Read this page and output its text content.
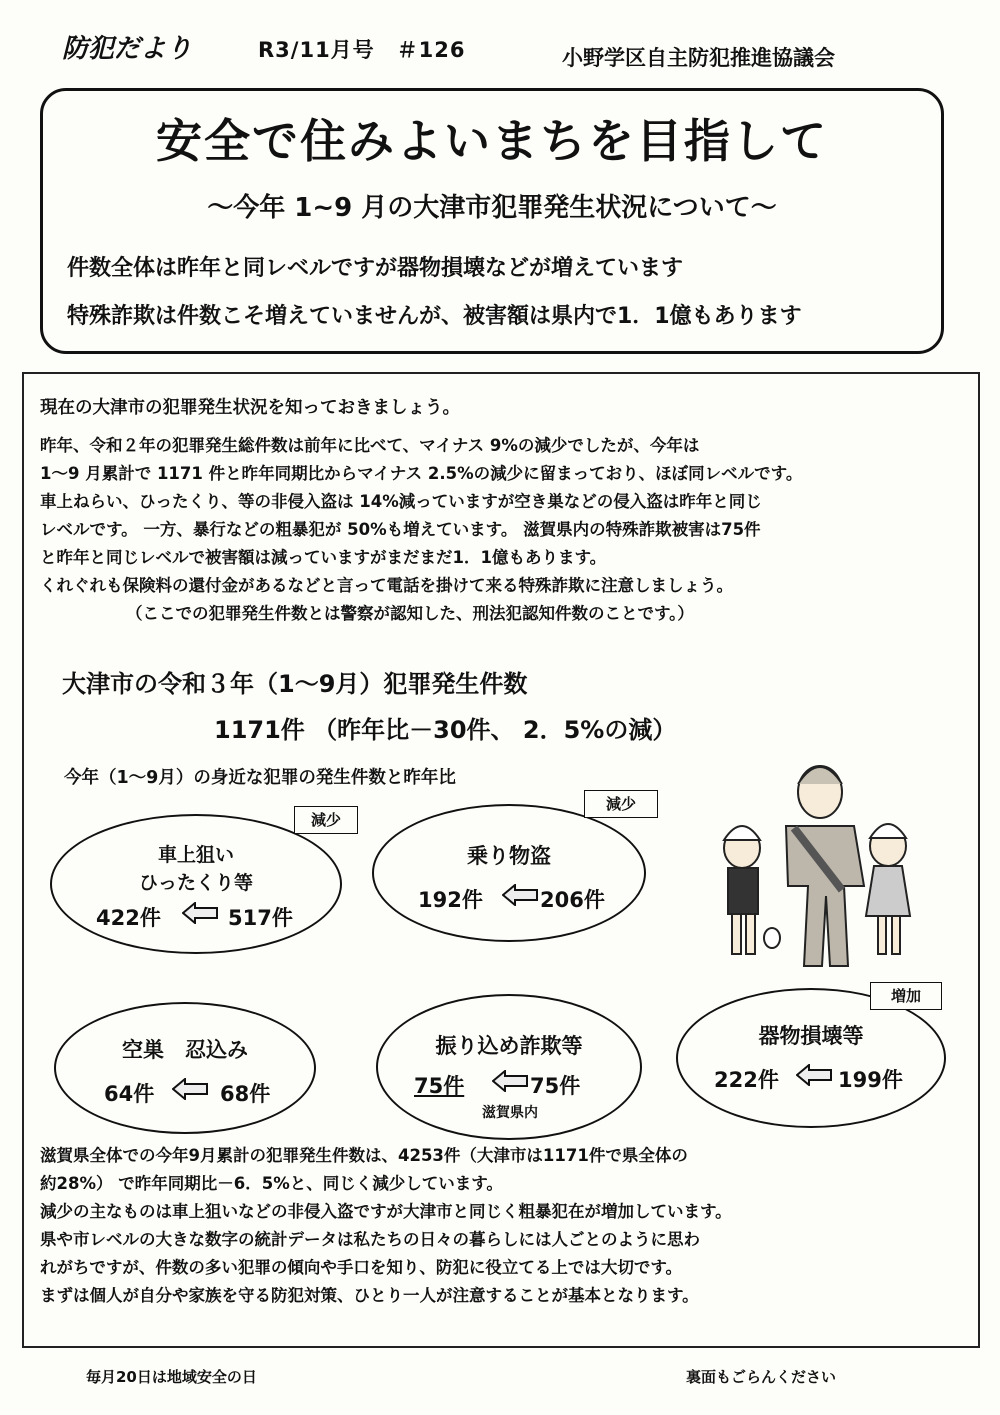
防犯だより	R3/11月号　＃126	小野学区自主防犯推進協議会
安全で住みよいまちを目指して
～今年 1~9 月の大津市犯罪発生状況について～
件数全体は昨年と同レベルですが器物損壊などが増えています
特殊詐欺は件数こそ増えていませんが、被害額は県内で1．1億もあります
現在の大津市の犯罪発生状況を知っておきましょう。
昨年、令和２年の犯罪発生総件数は前年に比べて、マイナス 9%の減少でしたが、今年は
1～9 月累計で 1171 件と昨年同期比からマイナス 2.5%の減少に留まっており、ほぼ同レベルです。
車上ねらい、ひったくり、等の非侵入盗は 14%減っていますが空き巣などの侵入盗は昨年と同じ
レベルです。 一方、暴行などの粗暴犯が 50%も増えています。 滋賀県内の特殊詐欺被害は75件
と昨年と同じレベルで被害額は減っていますがまだまだ1．1億もあります。
くれぐれも保険料の還付金があるなどと言って電話を掛けて来る特殊詐欺に注意しましょう。
（ここでの犯罪発生件数とは警察が認知した、刑法犯認知件数のことです。）
大津市の令和３年（1～9月）犯罪発生件数
1171件 （昨年比－30件、 2．5%の減）
今年（1～9月）の身近な犯罪の発生件数と昨年比
車上狙い
ひったくり等
422件	517件
減少
乗り物盗
192件	206件
減少
空巣　忍込み
64件	68件
振り込め詐欺等
75件	75件
滋賀県内
器物損壊等
222件	199件
増加
滋賀県全体での今年9月累計の犯罪発生件数は、4253件（大津市は1171件で県全体の
約28%） で昨年同期比－6．5%と、同じく減少しています。
減少の主なものは車上狙いなどの非侵入盗ですが大津市と同じく粗暴犯在が増加しています。
県や市レベルの大きな数字の統計データは私たちの日々の暮らしには人ごとのように思わ
れがちですが、件数の多い犯罪の傾向や手口を知り、防犯に役立てる上では大切です。
まずは個人が自分や家族を守る防犯対策、ひとり一人が注意することが基本となります。
毎月20日は地域安全の日	裏面もごらんください
